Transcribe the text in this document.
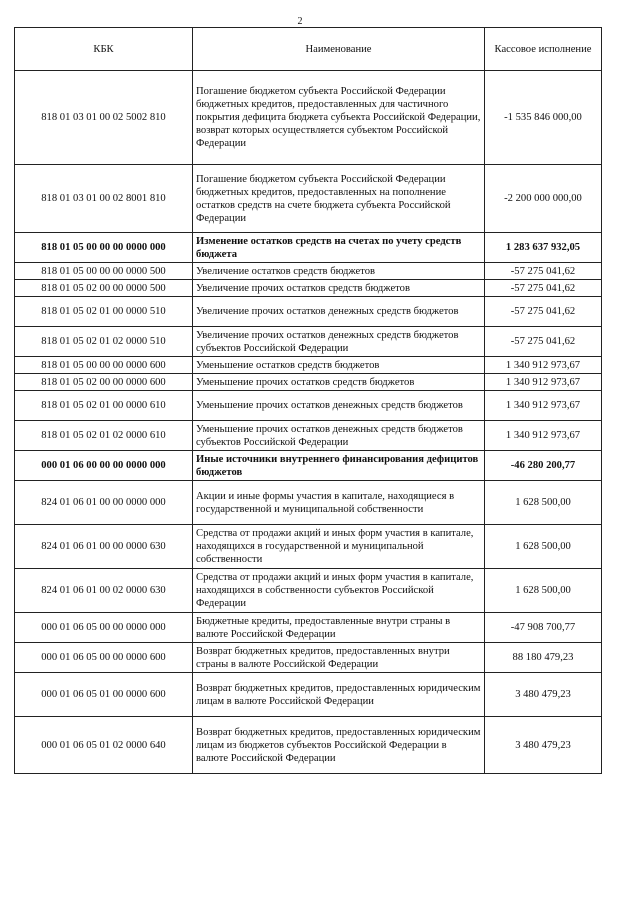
2
КБК	Наименование	Кассовое исполнение
818 01 03 01 00 02 5002 810	Погашение бюджетом субъекта Российской Федерации бюджетных кредитов, предоставленных для частичного покрытия дефицита бюджета субъекта Российской Федерации, возврат которых осуществляется субъектом Российской Федерации	-1 535 846 000,00
818 01 03 01 00 02 8001 810	Погашение бюджетом субъекта Российской Федерации бюджетных кредитов, предоставленных на пополнение остатков средств на счете бюджета субъекта Российской Федерации	-2 200 000 000,00
818 01 05 00 00 00 0000 000	Изменение остатков средств на счетах по учету средств бюджета	1 283 637 932,05
818 01 05 00 00 00 0000 500	Увеличение остатков средств бюджетов	-57 275 041,62
818 01 05 02 00 00 0000 500	Увеличение прочих остатков средств бюджетов	-57 275 041,62
818 01 05 02 01 00 0000 510	Увеличение прочих остатков денежных средств бюджетов	-57 275 041,62
818 01 05 02 01 02 0000 510	Увеличение прочих остатков денежных средств бюджетов субъектов Российской Федерации	-57 275 041,62
818 01 05 00 00 00 0000 600	Уменьшение остатков средств бюджетов	1 340 912 973,67
818 01 05 02 00 00 0000 600	Уменьшение прочих остатков средств бюджетов	1 340 912 973,67
818 01 05 02 01 00 0000 610	Уменьшение прочих остатков денежных средств бюджетов	1 340 912 973,67
818 01 05 02 01 02 0000 610	Уменьшение прочих остатков денежных средств бюджетов субъектов Российской Федерации	1 340 912 973,67
000 01 06 00 00 00 0000 000	Иные источники внутреннего финансирования дефицитов бюджетов	-46 280 200,77
824 01 06 01 00 00 0000 000	Акции и иные формы участия в капитале, находящиеся в государственной и муниципальной собственности	1 628 500,00
824 01 06 01 00 00 0000 630	Средства от продажи акций и иных форм участия в капитале, находящихся в государственной и муниципальной собственности	1 628 500,00
824 01 06 01 00 02 0000 630	Средства от продажи акций и иных форм участия в капитале, находящихся в собственности субъектов Российской Федерации	1 628 500,00
000 01 06 05 00 00 0000 000	Бюджетные кредиты, предоставленные внутри страны в валюте Российской Федерации	-47 908 700,77
000 01 06 05 00 00 0000 600	Возврат бюджетных кредитов, предоставленных внутри страны в валюте Российской Федерации	88 180 479,23
000 01 06 05 01 00 0000 600	Возврат бюджетных кредитов, предоставленных юридическим лицам в валюте Российской Федерации	3 480 479,23
000 01 06 05 01 02 0000 640	Возврат бюджетных кредитов, предоставленных юридическим лицам из бюджетов субъектов Российской Федерации в валюте Российской Федерации	3 480 479,23
